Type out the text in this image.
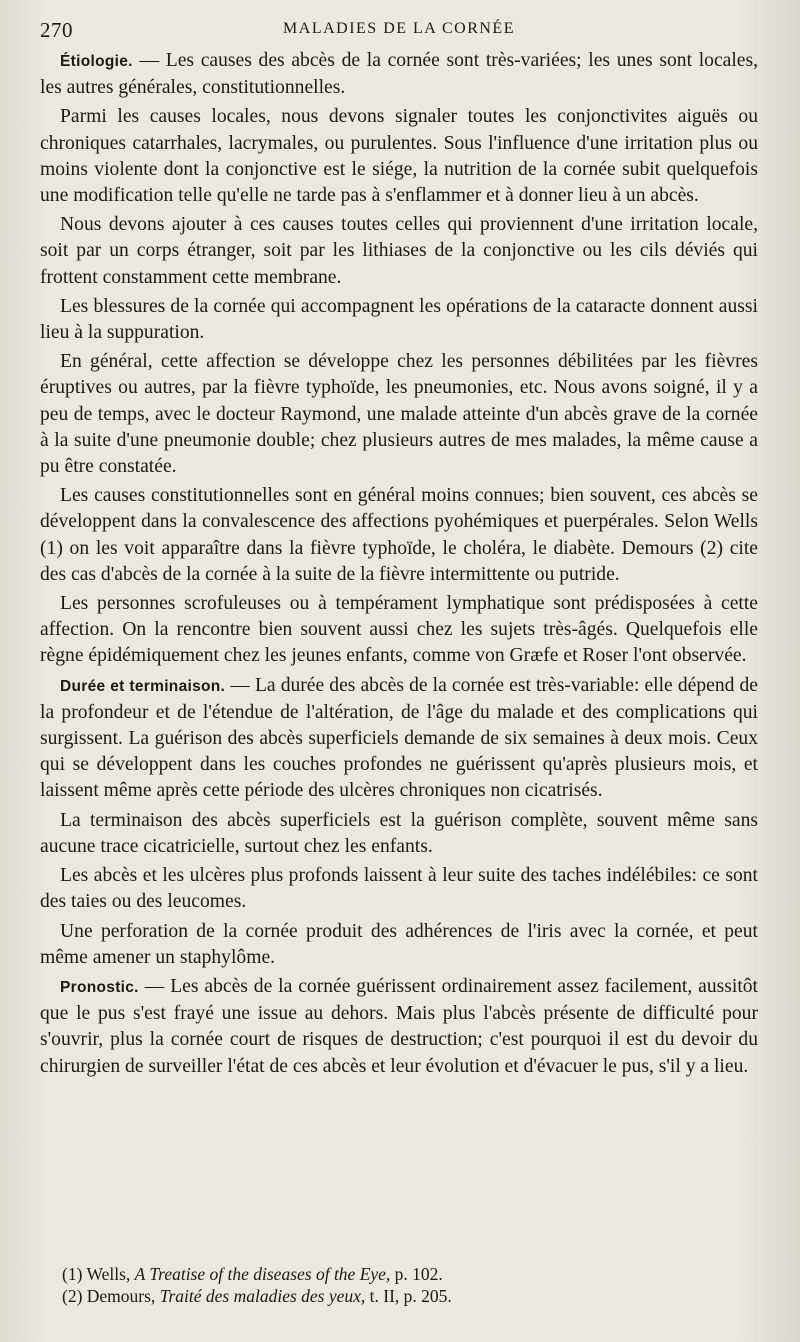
270	MALADIES DE LA CORNÉE

Étiologie. — Les causes des abcès de la cornée sont très-variées; les unes sont locales, les autres générales, constitutionnelles.

Parmi les causes locales, nous devons signaler toutes les conjonctivites aiguës ou chroniques catarrhales, lacrymales, ou purulentes. Sous l'influence d'une irritation plus ou moins violente dont la conjonctive est le siége, la nutrition de la cornée subit quelquefois une modification telle qu'elle ne tarde pas à s'enflammer et à donner lieu à un abcès.

Nous devons ajouter à ces causes toutes celles qui proviennent d'une irritation locale, soit par un corps étranger, soit par les lithiases de la conjonctive ou les cils déviés qui frottent constamment cette membrane.

Les blessures de la cornée qui accompagnent les opérations de la cataracte donnent aussi lieu à la suppuration.

En général, cette affection se développe chez les personnes débilitées par les fièvres éruptives ou autres, par la fièvre typhoïde, les pneumonies, etc. Nous avons soigné, il y a peu de temps, avec le docteur Raymond, une malade atteinte d'un abcès grave de la cornée à la suite d'une pneumonie double; chez plusieurs autres de mes malades, la même cause a pu être constatée.

Les causes constitutionnelles sont en général moins connues; bien souvent, ces abcès se développent dans la convalescence des affections pyohémiques et puerpérales. Selon Wells (1) on les voit apparaître dans la fièvre typhoïde, le choléra, le diabète. Demours (2) cite des cas d'abcès de la cornée à la suite de la fièvre intermittente ou putride.

Les personnes scrofuleuses ou à tempérament lymphatique sont prédisposées à cette affection. On la rencontre bien souvent aussi chez les sujets très-âgés. Quelquefois elle règne épidémiquement chez les jeunes enfants, comme von Græfe et Roser l'ont observée.

Durée et terminaison. — La durée des abcès de la cornée est très-variable: elle dépend de la profondeur et de l'étendue de l'altération, de l'âge du malade et des complications qui surgissent. La guérison des abcès superficiels demande de six semaines à deux mois. Ceux qui se développent dans les couches profondes ne guérissent qu'après plusieurs mois, et laissent même après cette période des ulcères chroniques non cicatrisés.

La terminaison des abcès superficiels est la guérison complète, souvent même sans aucune trace cicatricielle, surtout chez les enfants.

Les abcès et les ulcères plus profonds laissent à leur suite des taches indélébiles: ce sont des taies ou des leucomes.

Une perforation de la cornée produit des adhérences de l'iris avec la cornée, et peut même amener un staphylôme.

Pronostic. — Les abcès de la cornée guérissent ordinairement assez facilement, aussitôt que le pus s'est frayé une issue au dehors. Mais plus l'abcès présente de difficulté pour s'ouvrir, plus la cornée court de risques de destruction; c'est pourquoi il est du devoir du chirurgien de surveiller l'état de ces abcès et leur évolution et d'évacuer le pus, s'il y a lieu.

(1) Wells, A Treatise of the diseases of the Eye, p. 102.
(2) Demours, Traité des maladies des yeux, t. II, p. 205.
